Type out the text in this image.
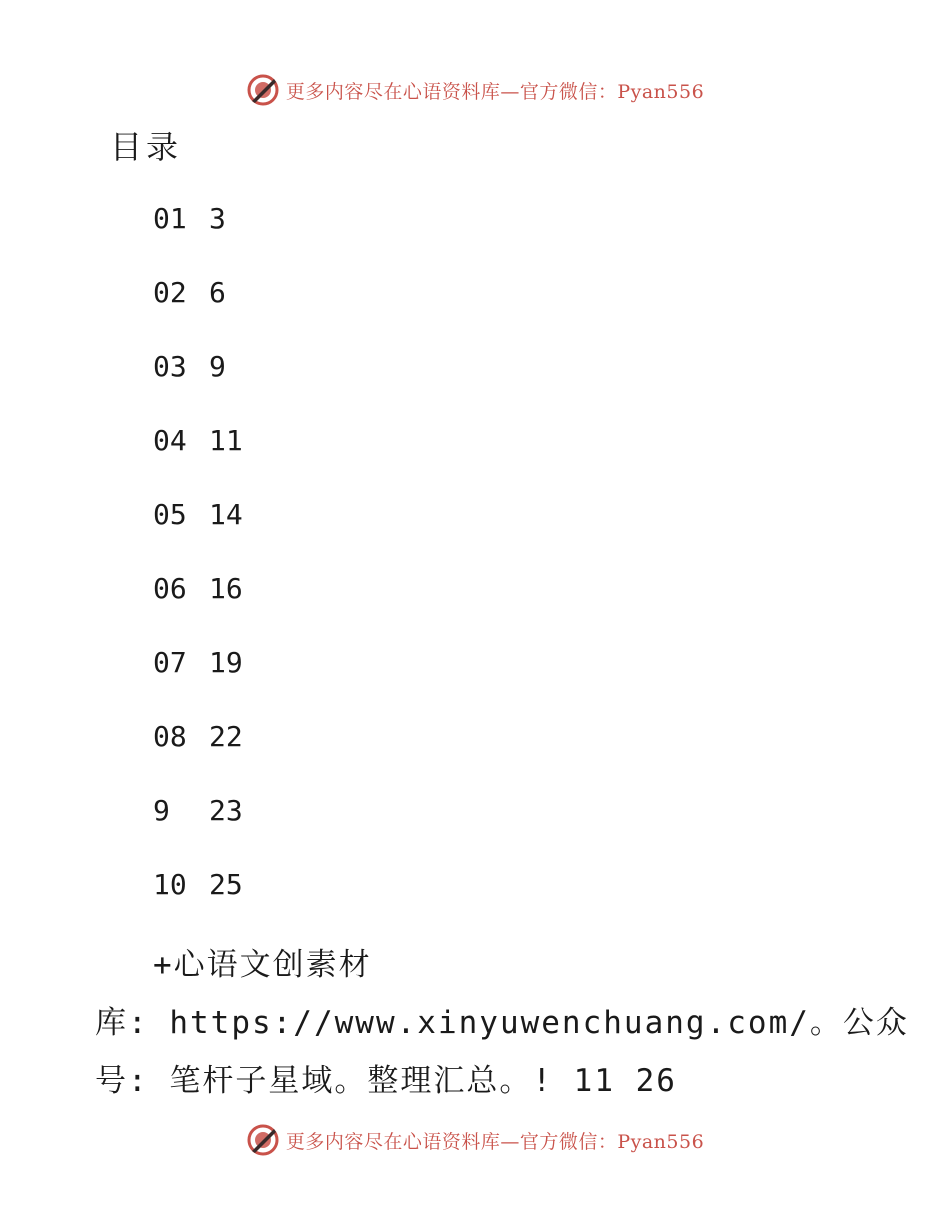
更多内容尽在心语资料库—官方微信：Pyan556
目录
01 3
02 6
03 9
04 11
05 14
06 16
07 19
08 22
9	23
10 25

+心语文创素材
库: https://www.xinyuwenchuang.com/。公众
号: 笔杆子星域。整理汇总。! 11 26

更多内容尽在心语资料库—官方微信：Pyan556
